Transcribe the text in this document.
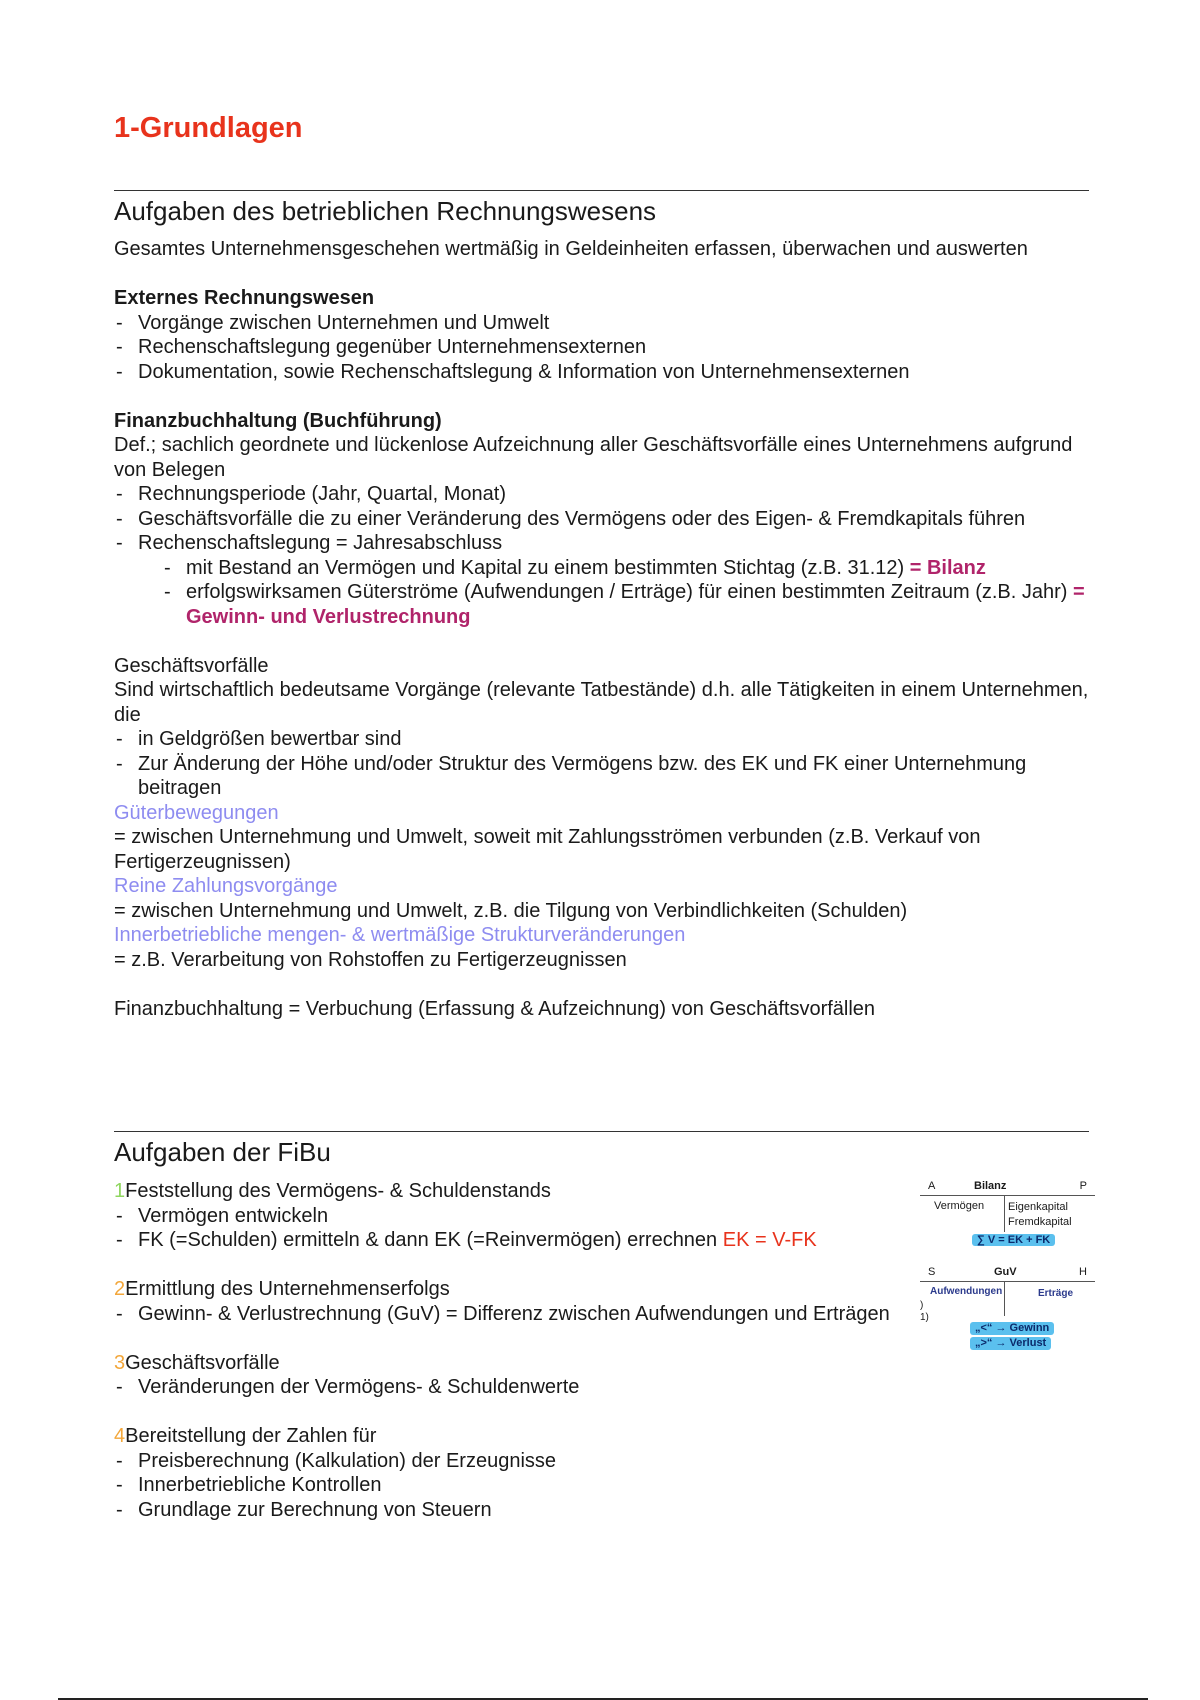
1-Grundlagen
Aufgaben des betrieblichen Rechnungswesens

Gesamtes Unternehmensgeschehen wertmäßig in Geldeinheiten erfassen, überwachen und auswerten

Externes Rechnungswesen

- Vorgänge zwischen Unternehmen und Umwelt
- Rechenschaftslegung gegenüber Unternehmensexternen
- Dokumentation, sowie Rechenschaftslegung & Information von Unternehmensexternen

Finanzbuchhaltung (Buchführung)

Def.; sachlich geordnete und lückenlose Aufzeichnung aller Geschäftsvorfälle eines Unternehmens aufgrund von Belegen

- Rechnungsperiode (Jahr, Quartal, Monat)
- Geschäftsvorfälle die zu einer Veränderung des Vermögens oder des Eigen- & Fremdkapitals führen
- Rechenschaftslegung = Jahresabschluss
- mit Bestand an Vermögen und Kapital zu einem bestimmten Stichtag (z.B. 31.12) = Bilanz
- erfolgswirksamen Güterströme (Aufwendungen / Erträge) für einen bestimmten Zeitraum (z.B. Jahr) = Gewinn- und Verlustrechnung

Geschäftsvorfälle

Sind wirtschaftlich bedeutsame Vorgänge (relevante Tatbestände) d.h. alle Tätigkeiten in einem Unternehmen, die

- in Geldgrößen bewertbar sind
- Zur Änderung der Höhe und/oder Struktur des Vermögens bzw. des EK und FK einer Unternehmung beitragen

Güterbewegungen

= zwischen Unternehmung und Umwelt, soweit mit Zahlungsströmen verbunden (z.B. Verkauf von Fertigerzeugnissen)

Reine Zahlungsvorgänge

= zwischen Unternehmung und Umwelt, z.B. die Tilgung von Verbindlichkeiten (Schulden)

Innerbetriebliche mengen- & wertmäßige Strukturveränderungen

= z.B. Verarbeitung von Rohstoffen zu Fertigerzeugnissen

Finanzbuchhaltung = Verbuchung (Erfassung & Aufzeichnung) von Geschäftsvorfällen

Aufgaben der FiBu

1Feststellung des Vermögens- & Schuldenstands

- Vermögen entwickeln
- FK (=Schulden) ermitteln & dann EK (=Reinvermögen) errechnen EK = V-FK

2Ermittlung des Unternehmenserfolgs

- Gewinn- & Verlustrechnung (GuV) = Differenz zwischen Aufwendungen und Erträgen

3Geschäftsvorfälle

- Veränderungen der Vermögens- & Schuldenwerte

4Bereitstellung der Zahlen für

- Preisberechnung (Kalkulation) der Erzeugnisse
- Innerbetriebliche Kontrollen
- Grundlage zur Berechnung von Steuern
A	Bilanz	P
Vermögen Eigenkapital
Fremdkapital
∑ V = EK + FK
S	GuV	H
Aufwendungen	Erträge
)
1)
„<“ → Gewinn
„>“ → Verlust
